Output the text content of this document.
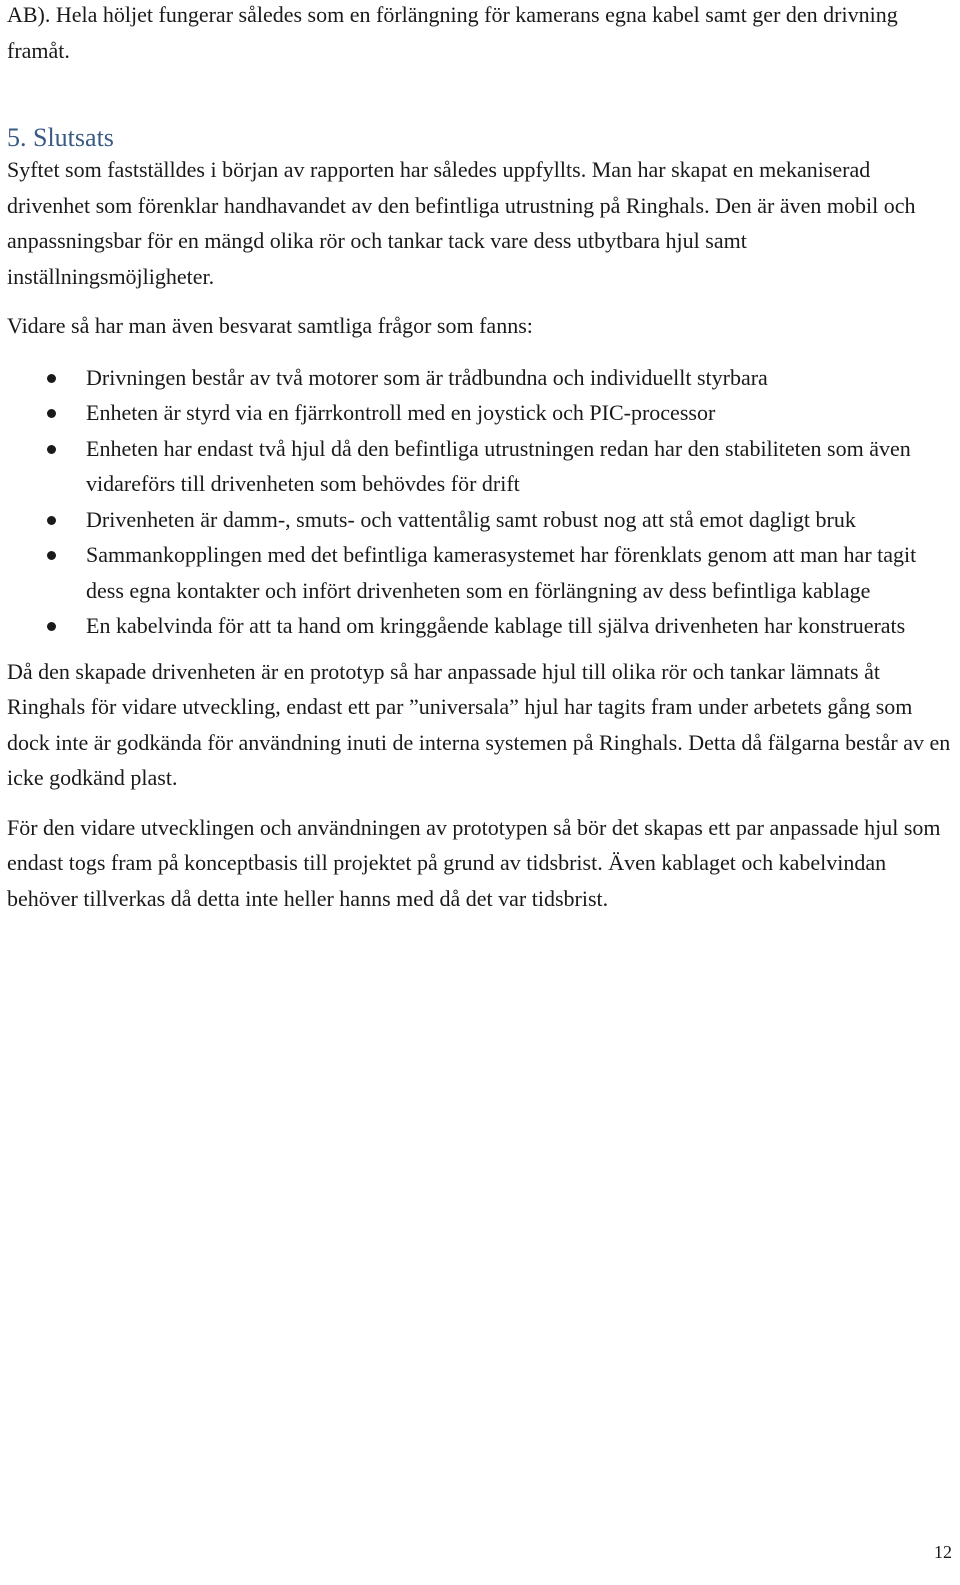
AB). Hela höljet fungerar således som en förlängning för kamerans egna kabel samt ger den drivning framåt.

5. Slutsats

Syftet som fastställdes i början av rapporten har således uppfyllts. Man har skapat en mekaniserad drivenhet som förenklar handhavandet av den befintliga utrustning på Ringhals. Den är även mobil och anpassningsbar för en mängd olika rör och tankar tack vare dess utbytbara hjul samt inställningsmöjligheter.

Vidare så har man även besvarat samtliga frågor som fanns:

Drivningen består av två motorer som är trådbundna och individuellt styrbara
Enheten är styrd via en fjärrkontroll med en joystick och PIC-processor
Enheten har endast två hjul då den befintliga utrustningen redan har den stabiliteten som även vidareförs till drivenheten som behövdes för drift
Drivenheten är damm-, smuts- och vattentålig samt robust nog att stå emot dagligt bruk
Sammankopplingen med det befintliga kamerasystemet har förenklats genom att man har tagit dess egna kontakter och infört drivenheten som en förlängning av dess befintliga kablage
En kabelvinda för att ta hand om kringgående kablage till själva drivenheten har konstruerats

Då den skapade drivenheten är en prototyp så har anpassade hjul till olika rör och tankar lämnats åt Ringhals för vidare utveckling, endast ett par ”universala” hjul har tagits fram under arbetets gång som dock inte är godkända för användning inuti de interna systemen på Ringhals. Detta då fälgarna består av en icke godkänd plast.

För den vidare utvecklingen och användningen av prototypen så bör det skapas ett par anpassade hjul som endast togs fram på konceptbasis till projektet på grund av tidsbrist. Även kablaget och kabelvindan behöver tillverkas då detta inte heller hanns med då det var tidsbrist.

12
